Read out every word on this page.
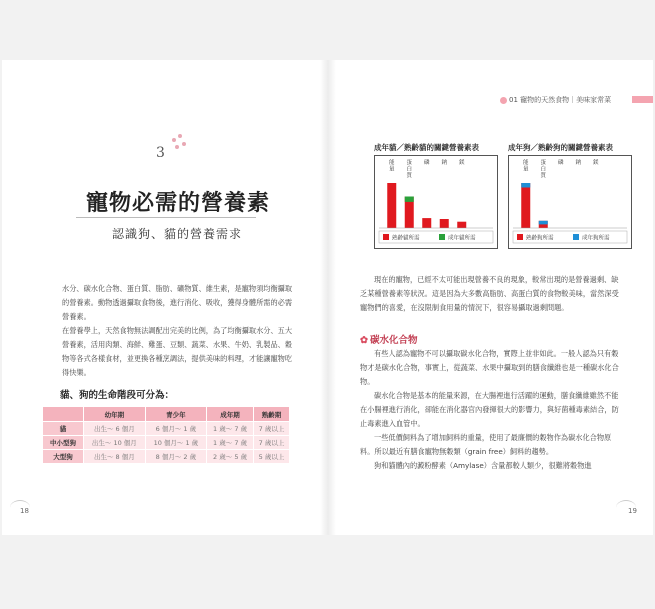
3
寵物必需的營養素
認識狗、貓的營養需求

水分、碳水化合物、蛋白質、脂肪、礦物質、維生素，是寵物須均衡攝取的營養素。動物透過攝取食物後，進行消化、吸收，獲得身體所需的必需營養素。

在營養學上，天然食物無法調配出完美的比例，為了均衡攝取水分、五大營養素，活用肉類、海鮮、雞蛋、豆類、蔬菜、水果、牛奶、乳製品、穀物等各式各樣食材，並更換各種烹調法，提供美味的料理，才能讓寵物吃得快樂。

貓、狗的生命階段可分為：
	幼年期	青少年	成年期	熟齡期
貓	出生～ 6 個月	6 個月～ 1 歲	1 歲～ 7 歲	7 歲以上
中小型狗	出生～ 10 個月	10 個月～ 1 歲	1 歲～ 7 歲	7 歲以上
大型狗	出生～ 8 個月	8 個月～ 2 歲	2 歲～ 5 歲	5 歲以上
18
01 寵物的天然食物｜美味家常菜
成年貓／熟齡貓的關鍵營養素表
能
量
蛋
白
質
磷 鈉 鎂
熟齡貓所需	成年貓所需
成年狗／熟齡狗的關鍵營養素表
能
量
蛋
白
質
磷 鈉 鎂
熟齡狗所需	成年狗所需

現在的寵物，已經不太可能出現營養不良的現象，較常出現的是營養過剩、缺乏某種營養素等狀況。這是因為大多數高脂肪、高蛋白質的食物較美味，當然深受寵物們的喜愛，在沒限制食用量的情況下，很容易攝取過剩問題。

✿ 碳水化合物

有些人認為寵物不可以攝取碳水化合物，實際上並非如此。一般人認為只有穀物才是碳水化合物，事實上，從蔬菜、水果中攝取到的膳食纖維也是一種碳水化合物。

碳水化合物是基本的能量來源，在大腸裡進行活躍的運動，膳食纖維雖然不能在小腸裡進行消化，卻能在消化器官內發揮很大的影響力，與好菌種毒素結合，防止毒素進入血管中。

一些低價飼料為了增加飼料的重量，使用了最廉價的穀物作為碳水化合物原料。所以最近有膳食寵物無穀類（grain free）飼料的趨勢。

狗和貓體內的澱粉酵素（Amylase）含量都較人類少，很難將穀物進

19
